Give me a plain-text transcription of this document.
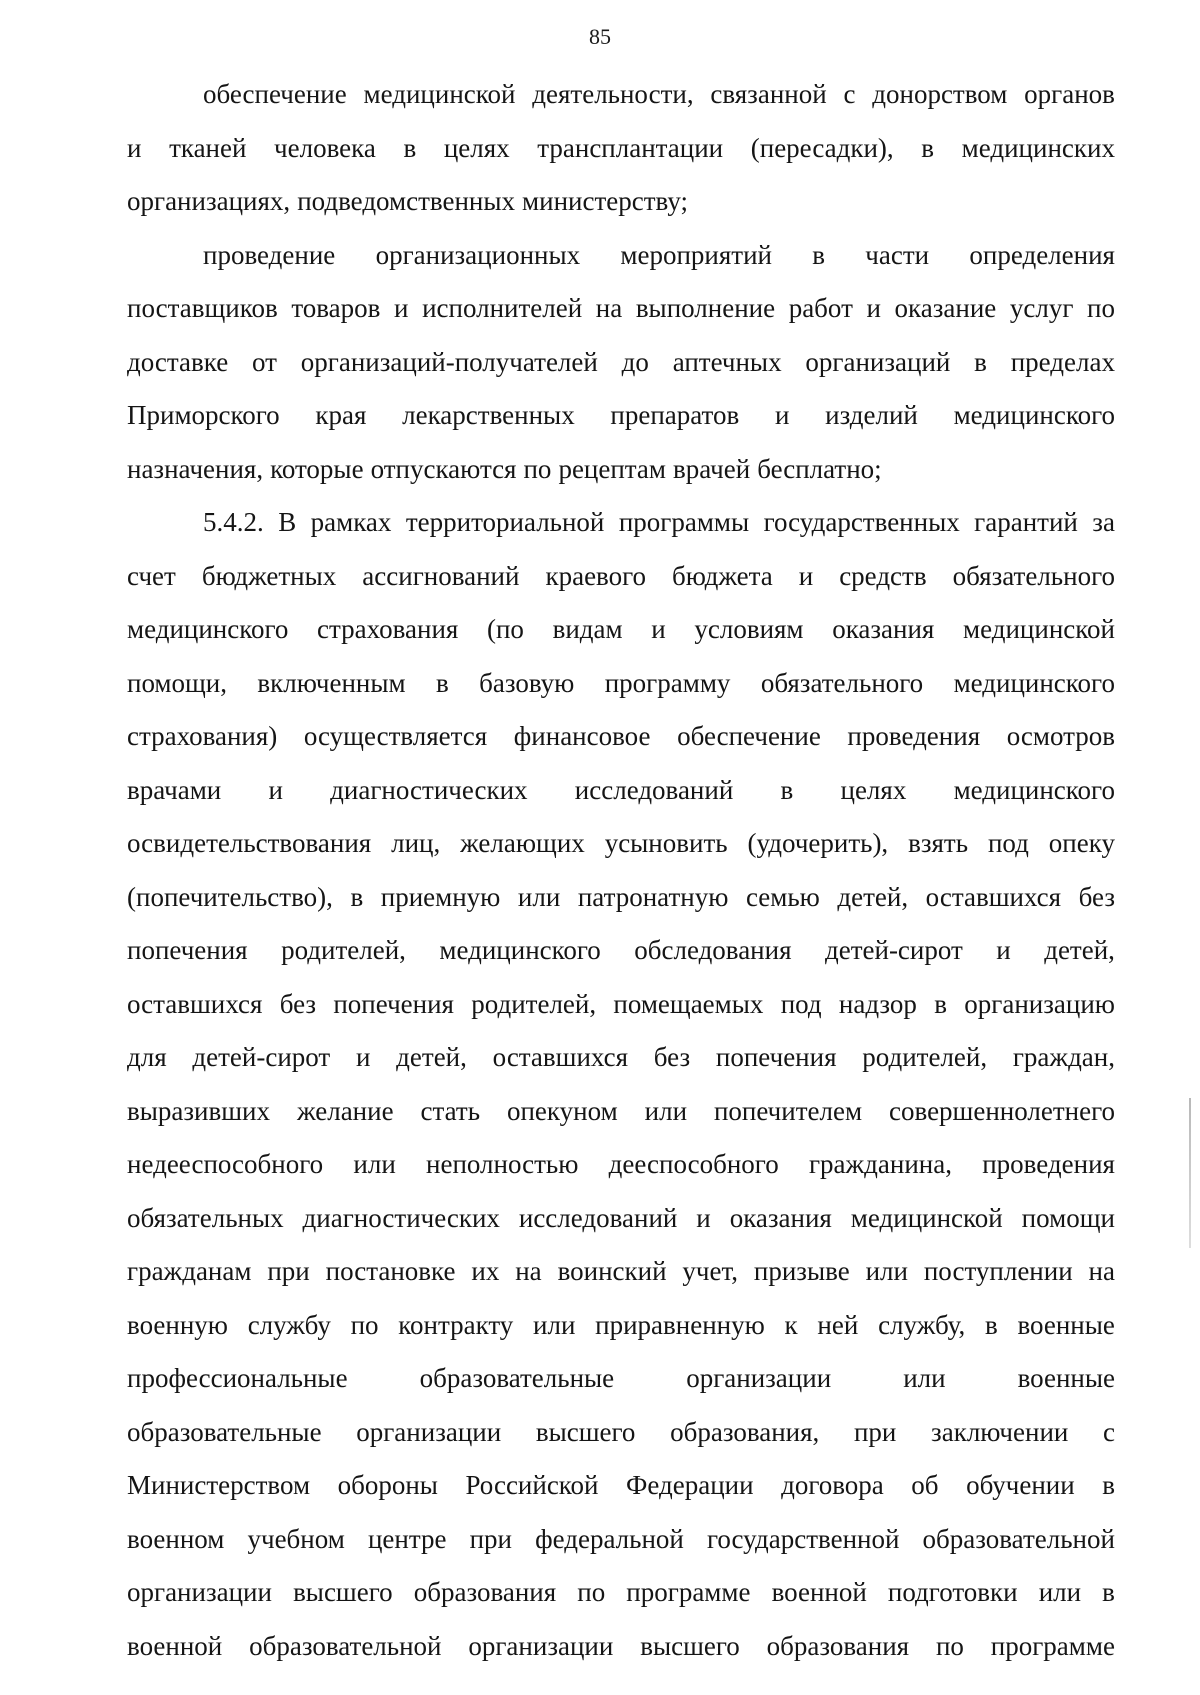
85
обеспечение медицинской деятельности, связанной с донорством органов
и тканей человека в целях трансплантации (пересадки), в медицинских
организациях, подведомственных министерству;
проведение организационных мероприятий в части определения
поставщиков товаров и исполнителей на выполнение работ и оказание услуг по
доставке от организаций-получателей до аптечных организаций в пределах
Приморского края лекарственных препаратов и изделий медицинского
назначения, которые отпускаются по рецептам врачей бесплатно;
5.4.2. В рамках территориальной программы государственных гарантий за
счет бюджетных ассигнований краевого бюджета и средств обязательного
медицинского страхования (по видам и условиям оказания медицинской
помощи, включенным в базовую программу обязательного медицинского
страхования) осуществляется финансовое обеспечение проведения осмотров
врачами и диагностических исследований в целях медицинского
освидетельствования лиц, желающих усыновить (удочерить), взять под опеку
(попечительство), в приемную или патронатную семью детей, оставшихся без
попечения родителей, медицинского обследования детей-сирот и детей,
оставшихся без попечения родителей, помещаемых под надзор в организацию
для детей-сирот и детей, оставшихся без попечения родителей, граждан,
выразивших желание стать опекуном или попечителем совершеннолетнего
недееспособного или неполностью дееспособного гражданина, проведения
обязательных диагностических исследований и оказания медицинской помощи
гражданам при постановке их на воинский учет, призыве или поступлении на
военную службу по контракту или приравненную к ней службу, в военные
профессиональные	образовательные	организации	или	военные
образовательные организации высшего образования, при заключении с
Министерством обороны Российской Федерации договора об обучении в
военном учебном центре при федеральной государственной образовательной
организации высшего образования по программе военной подготовки или в
военной образовательной организации высшего образования по программе
